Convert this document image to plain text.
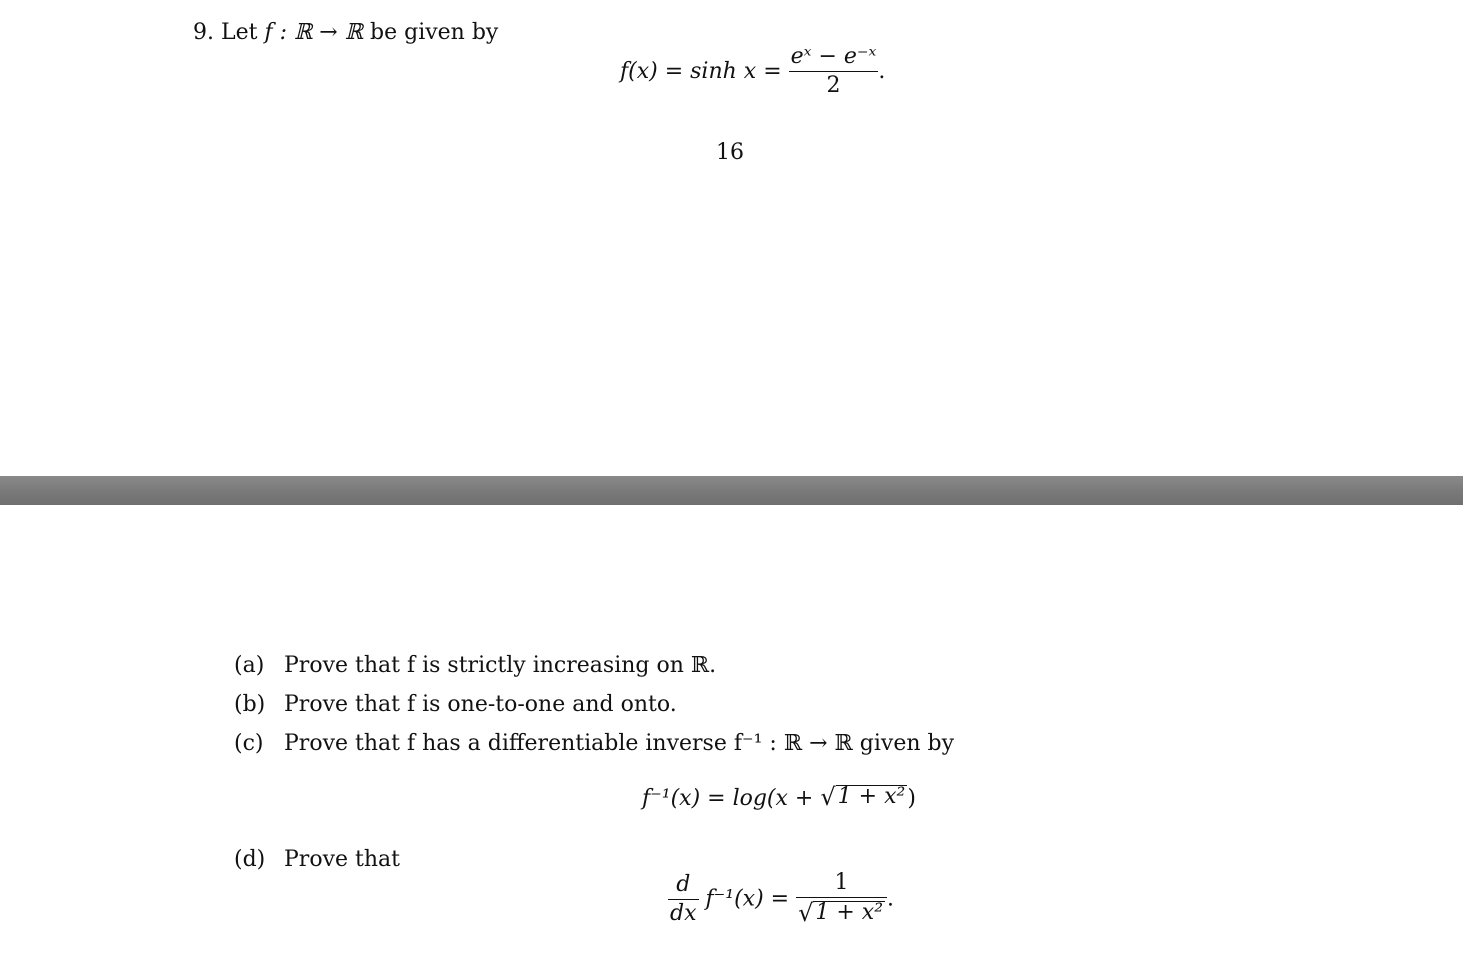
9. Let f : ℝ → ℝ be given by
$f(x) = \sinh x = \frac{\text{eˣ − e⁻ˣ}}{2}$ .
16
(a) Prove that f is strictly increasing on ℝ.
(b) Prove that f is one-to-one and onto.
(c) Prove that f has a differentiable inverse f⁻¹ : ℝ → ℝ given by
f⁻¹(x) = log(x + √ 1 + x² )
(d) Prove that
$\frac{d}{dx} f^{-1}(x) = \frac{1}{\text{√ 1 + x²}}$ .
